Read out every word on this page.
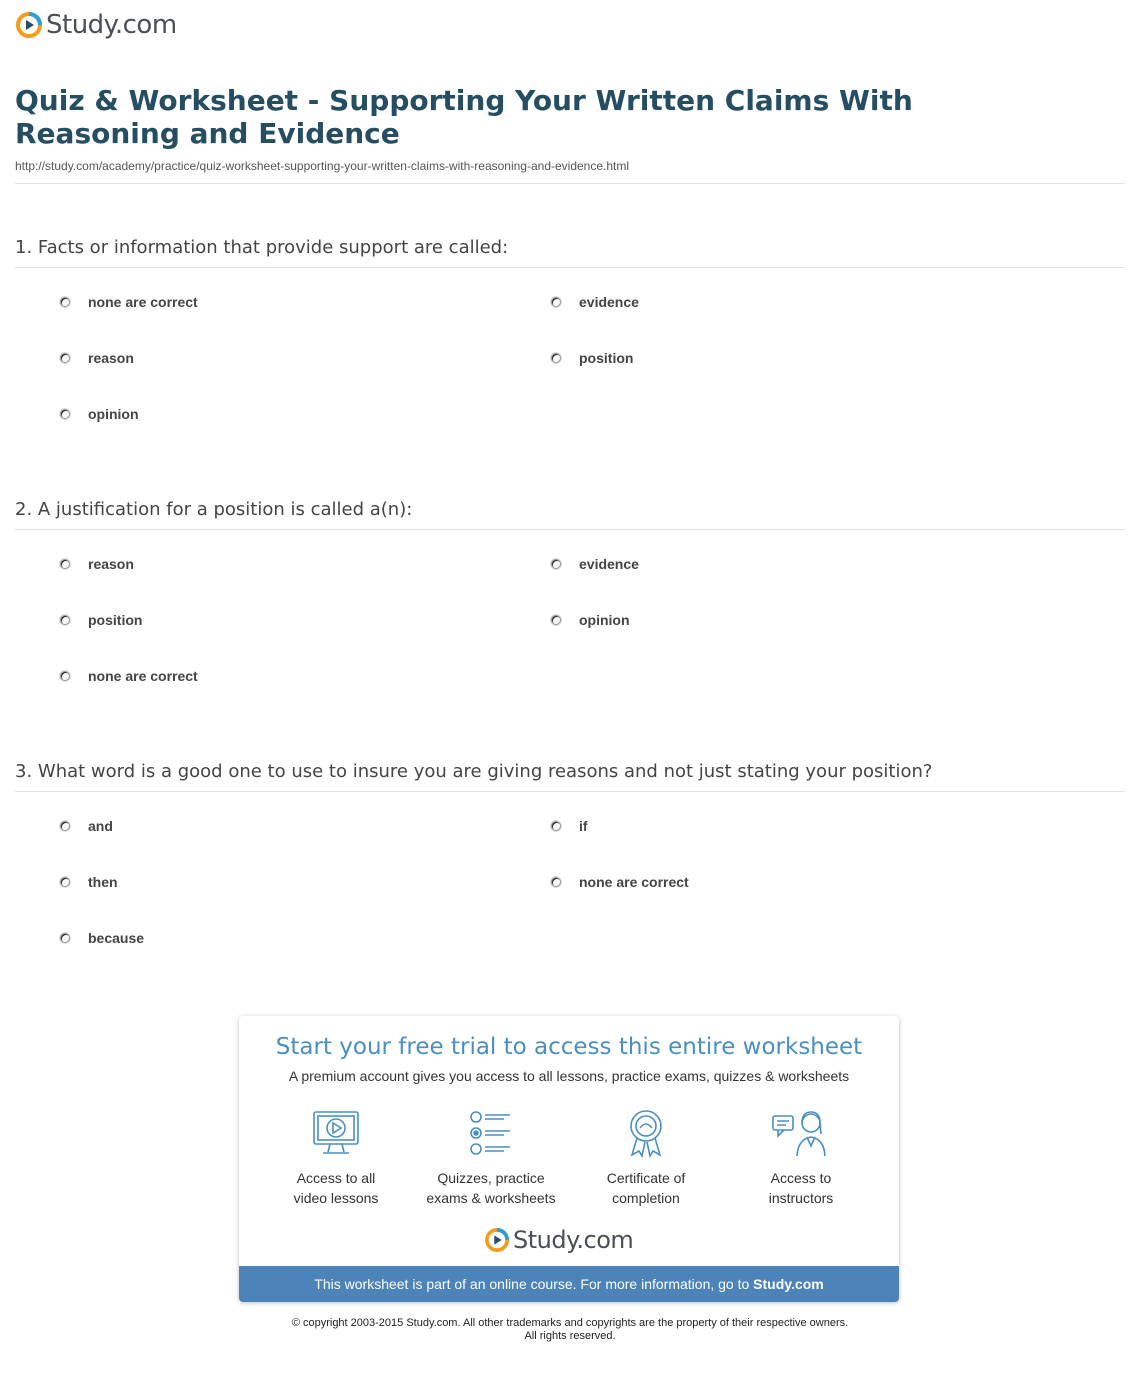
Study.com
Quiz & Worksheet - Supporting Your Written Claims With Reasoning and Evidence
http://study.com/academy/practice/quiz-worksheet-supporting-your-written-claims-with-reasoning-and-evidence.html
1. Facts or information that provide support are called:
none are correct	evidence
reason	position
opinion
2. A justification for a position is called a(n):
reason	evidence
position	opinion
none are correct
3. What word is a good one to use to insure you are giving reasons and not just stating your position?
and	if
then	none are correct
because
Start your free trial to access this entire worksheet
A premium account gives you access to all lessons, practice exams, quizzes & worksheets
Access to all
video lessons
Quizzes, practice
exams & worksheets
Certificate of
completion
Access to
instructors
Study.com
This worksheet is part of an online course. For more information, go to Study.com
© copyright 2003-2015 Study.com. All other trademarks and copyrights are the property of their respective owners.
All rights reserved.
